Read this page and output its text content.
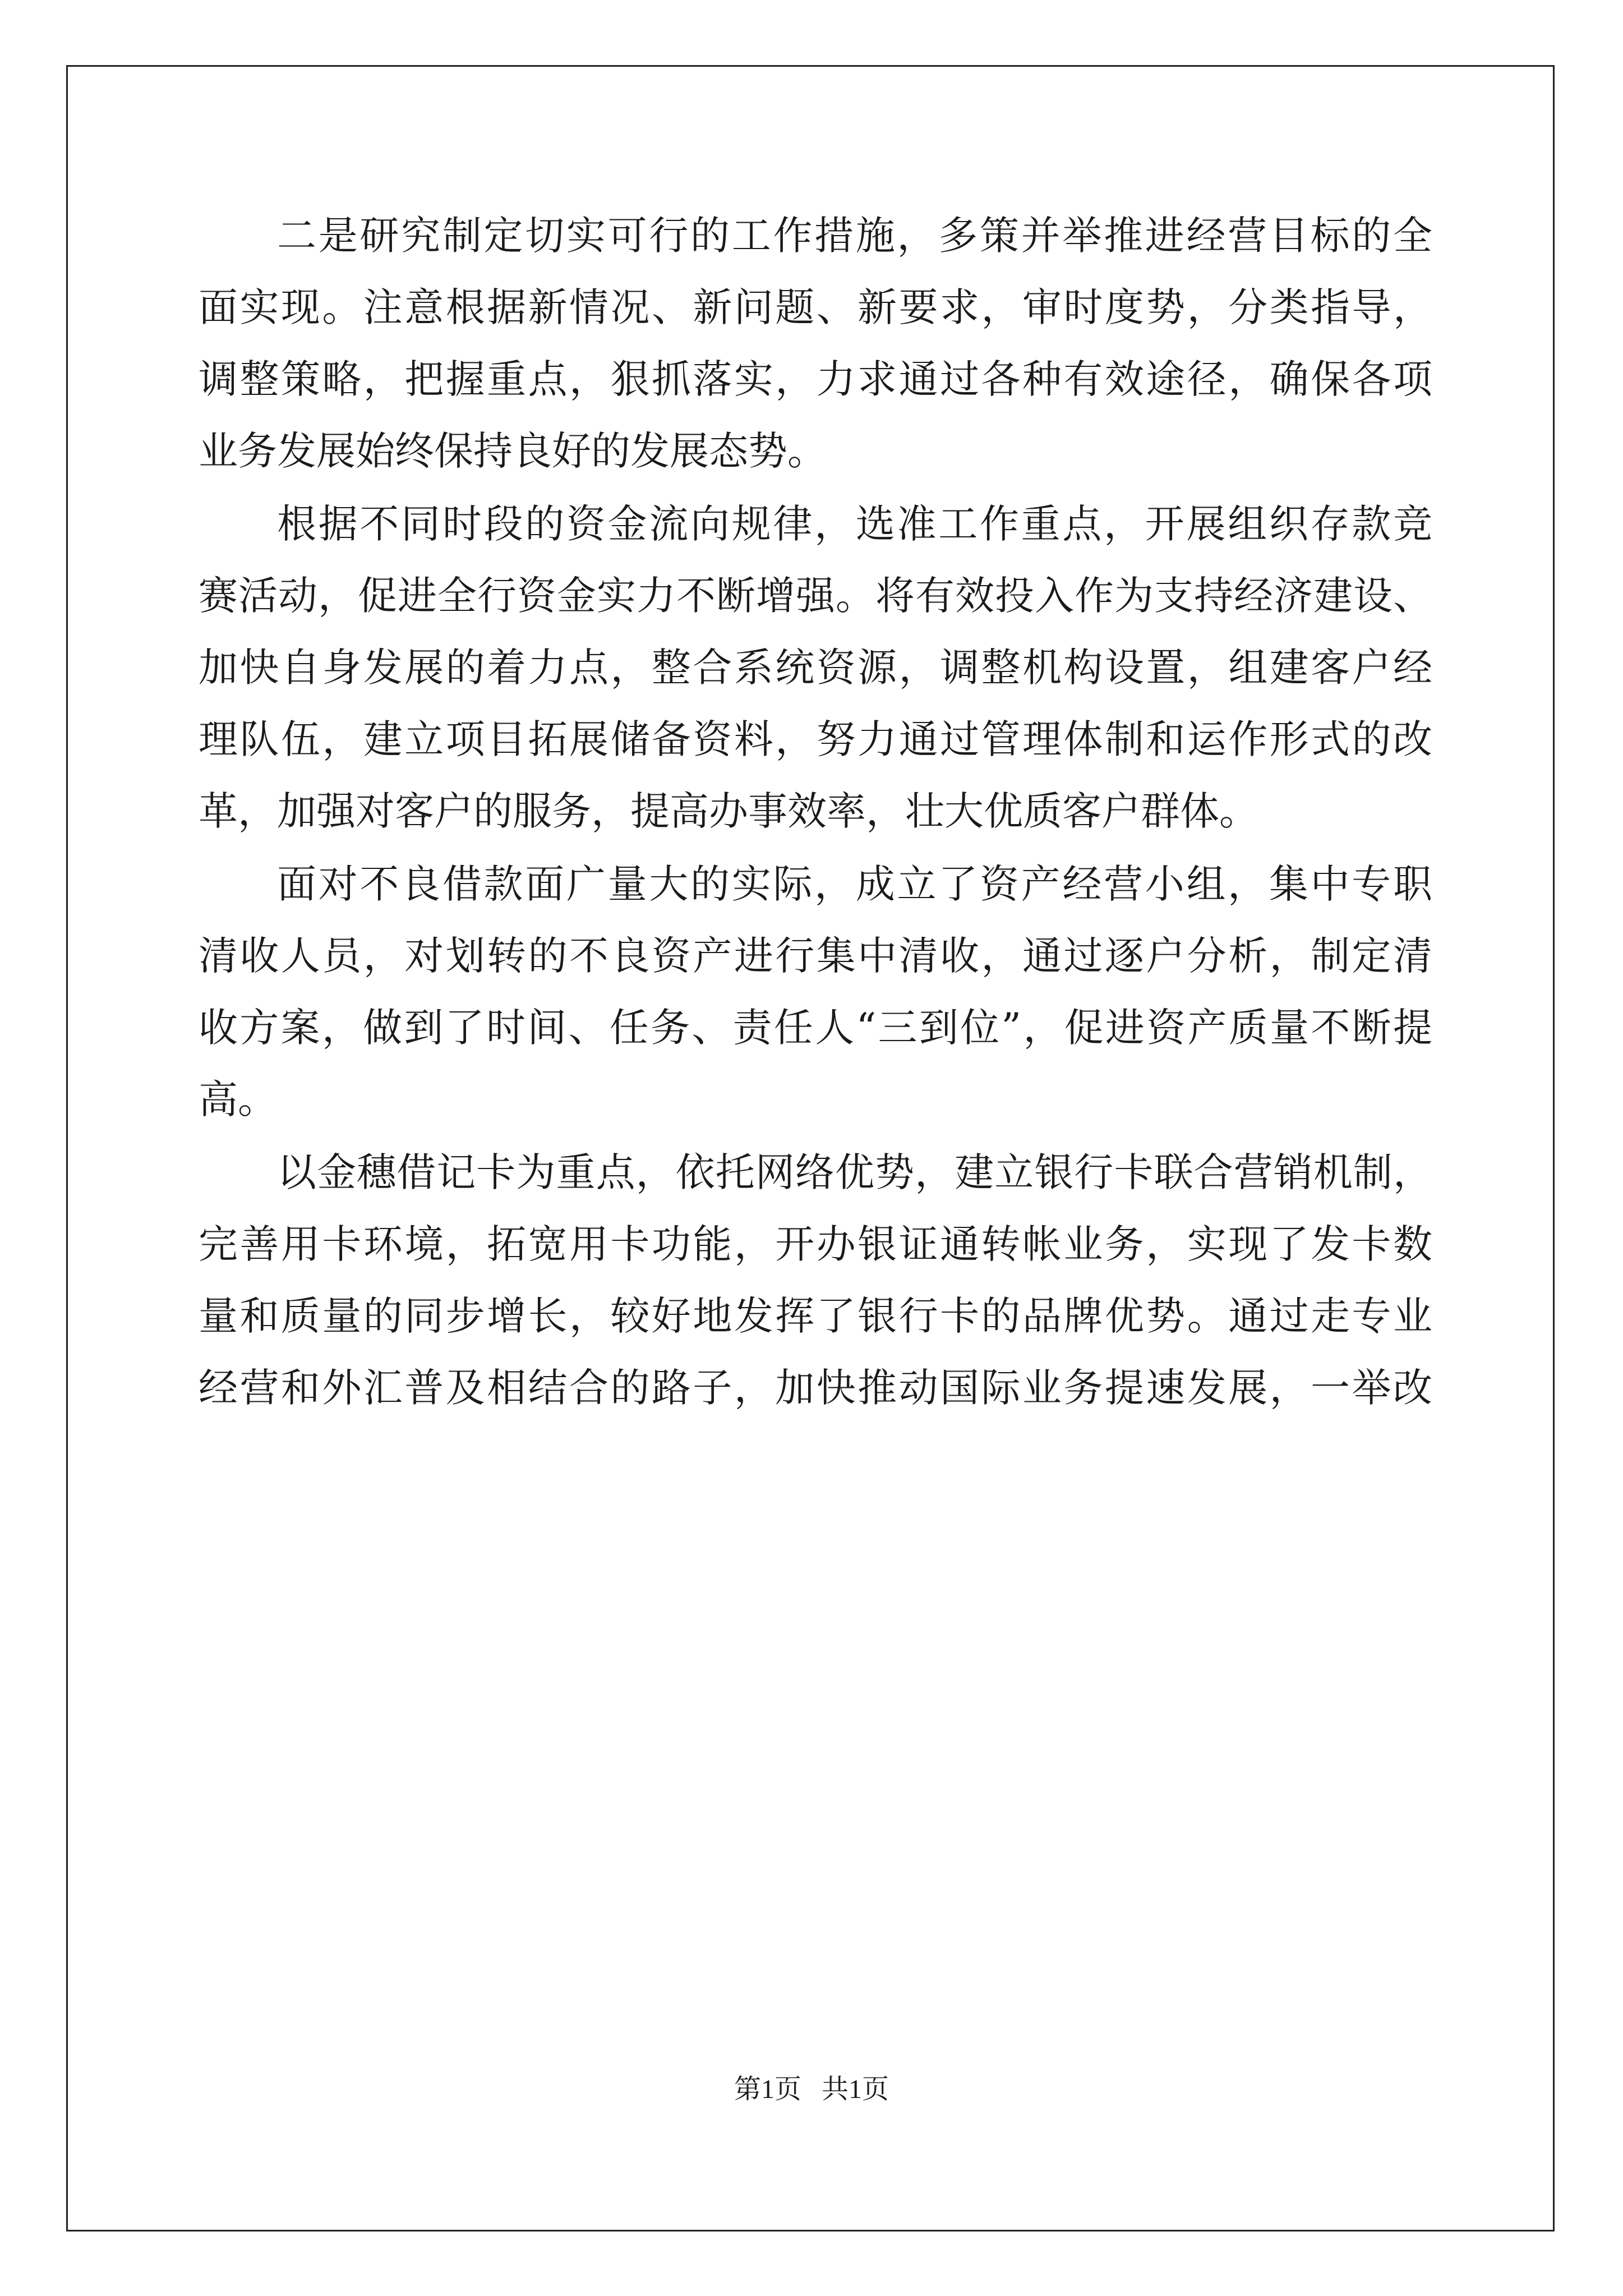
二是研究制定切实可行的工作措施，多策并举推进经营目标的全
面实现。注意根据新情况、新问题、新要求，审时度势，分类指导，
调整策略，把握重点，狠抓落实，力求通过各种有效途径，确保各项
业务发展始终保持良好的发展态势。
根据不同时段的资金流向规律，选准工作重点，开展组织存款竞
赛活动，促进全行资金实力不断增强。将有效投入作为支持经济建设、
加快自身发展的着力点，整合系统资源，调整机构设置，组建客户经
理队伍，建立项目拓展储备资料，努力通过管理体制和运作形式的改
革，加强对客户的服务，提高办事效率，壮大优质客户群体。
面对不良借款面广量大的实际，成立了资产经营小组，集中专职
清收人员，对划转的不良资产进行集中清收，通过逐户分析，制定清
收方案，做到了时间、任务、责任人“三到位”，促进资产质量不断提
高。
以金穗借记卡为重点，依托网络优势，建立银行卡联合营销机制，
完善用卡环境，拓宽用卡功能，开办银证通转帐业务，实现了发卡数
量和质量的同步增长，较好地发挥了银行卡的品牌优势。通过走专业
经营和外汇普及相结合的路子，加快推动国际业务提速发展，一举改
第1页   共1页
